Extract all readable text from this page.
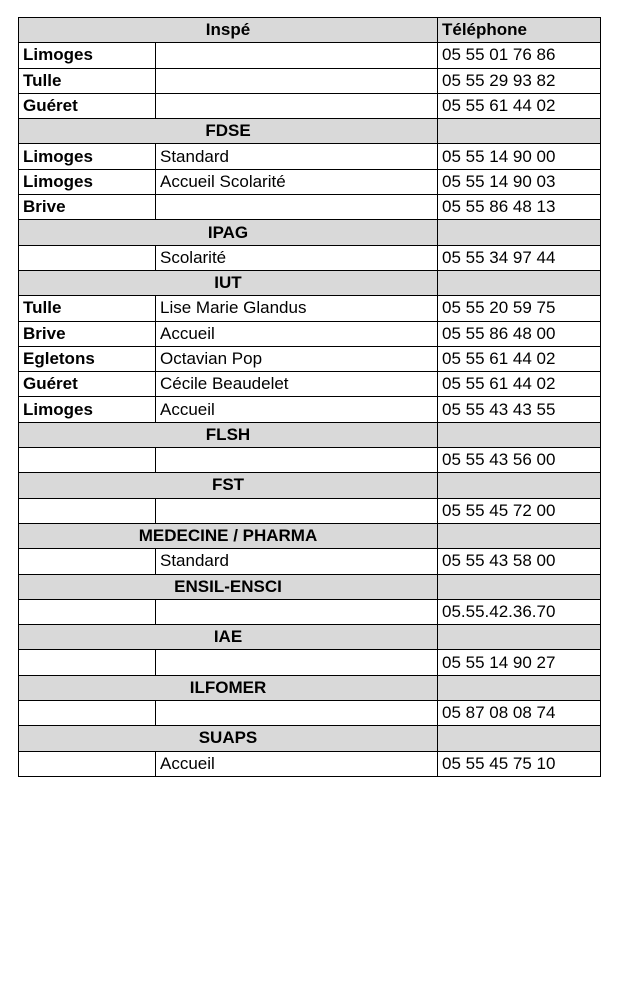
Inspé		Téléphone
Limoges		05 55 01 76 86
Tulle		05 55 29 93 82
Guéret		05 55 61 44 02
FDSE		
Limoges	Standard	05 55 14 90 00
Limoges	Accueil Scolarité	05 55 14 90 03
Brive		05 55 86 48 13
IPAG		
	Scolarité	05 55 34 97 44
IUT		
Tulle	Lise Marie Glandus	05 55 20 59 75
Brive	Accueil	05 55 86 48 00
Egletons	Octavian Pop	05 55 61 44 02
Guéret	Cécile Beaudelet	05 55 61 44 02
Limoges	Accueil	05 55 43 43 55
FLSH		
		05 55 43 56 00
FST		
		05 55 45 72 00
MEDECINE / PHARMA		
	Standard	05 55 43 58 00
ENSIL-ENSCI		
		05.55.42.36.70
IAE		
		05 55 14 90 27
ILFOMER		
		05 87 08 08 74
SUAPS		
	Accueil	05 55 45 75 10
